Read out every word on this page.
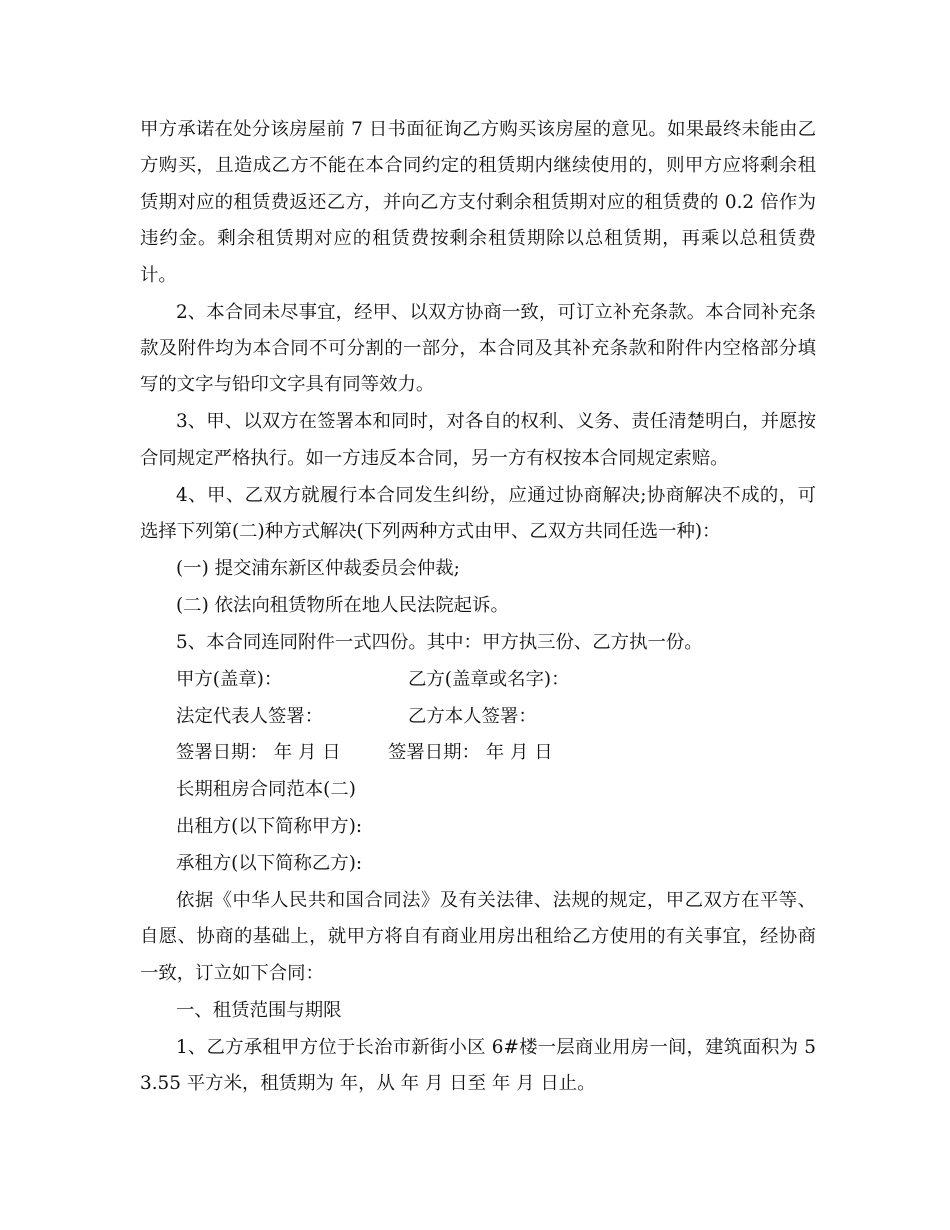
甲方承诺在处分该房屋前 7 日书面征询乙方购买该房屋的意见。如果最终未能由乙方购买，且造成乙方不能在本合同约定的租赁期内继续使用的，则甲方应将剩余租赁期对应的租赁费返还乙方，并向乙方支付剩余租赁期对应的租赁费的 0.2 倍作为违约金。剩余租赁期对应的租赁费按剩余租赁期除以总租赁期，再乘以总租赁费计。

2、本合同未尽事宜，经甲、以双方协商一致，可订立补充条款。本合同补充条款及附件均为本合同不可分割的一部分，本合同及其补充条款和附件内空格部分填写的文字与铅印文字具有同等效力。

3、甲、以双方在签署本和同时，对各自的权利、义务、责任清楚明白，并愿按合同规定严格执行。如一方违反本合同，另一方有权按本合同规定索赔。

4、甲、乙双方就履行本合同发生纠纷，应通过协商解决;协商解决不成的，可选择下列第(二)种方式解决(下列两种方式由甲、乙双方共同任选一种)：

(一) 提交浦东新区仲裁委员会仲裁;

(二) 依法向租赁物所在地人民法院起诉。

5、本合同连同附件一式四份。其中：甲方执三份、乙方执一份。

甲方(盖章)：	乙方(盖章或名字)：
法定代表人签署：	乙方本人签署：
签署日期： 年 月 日	签署日期： 年 月 日

长期租房合同范本(二)

出租方(以下简称甲方):

承租方(以下简称乙方):

依据《中华人民共和国合同法》及有关法律、法规的规定，甲乙双方在平等、自愿、协商的基础上，就甲方将自有商业用房出租给乙方使用的有关事宜，经协商一致，订立如下合同：

一、租赁范围与期限

1、乙方承租甲方位于长治市新街小区 6#楼一层商业用房一间，建筑面积为 53.55 平方米，租赁期为 年，从 年 月 日至 年 月 日止。
